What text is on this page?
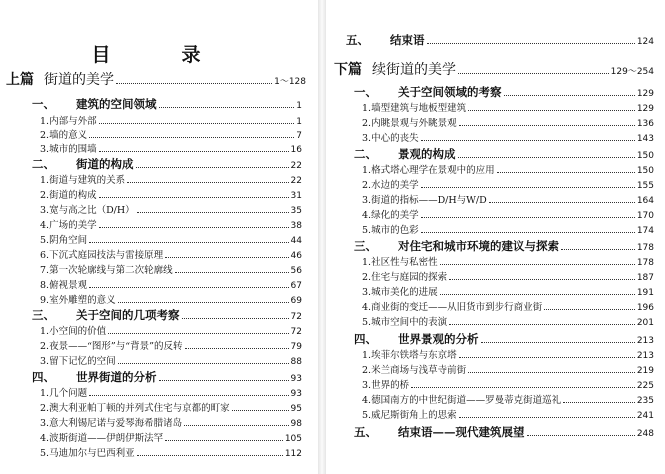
目　录
上篇 街道的美学	1～128
一、 建筑的空间领域	1
1.内部与外部	1
2.墙的意义	7
3.城市的围墙	16
二、 街道的构成	22
1.街道与建筑的关系	22
2.街道的构成	31
3.宽与高之比（D/H）	35
4.广场的美学	38
5.阴角空间	44
6.下沉式庭园技法与雷接原理	46
7.第一次轮廓线与第二次轮廓线	56
8.俯视景观	67
9.室外雕塑的意义	69
三、 关于空间的几项考察	72
1.小空间的价值	72
2.夜景——“图形”与“背景”的反转	79
3.留下记忆的空间	88
四、 世界街道的分析	93
1.几个问题	93
2.澳大利亚帕丁顿的并列式住宅与京都的町家	95
3.意大利锡尼诺与爱琴海希腊诸岛	98
4.波斯街道——伊朗伊斯法罕	105
5.马迪加尔与巴西利亚	112
五、 结束语	124
下篇 续街道的美学	129～254
一、 关于空间领域的考察	129
1.墙型建筑与地板型建筑	129
2.内眺景观与外眺景观	136
3.中心的丧失	143
二、 景观的构成	150
1.格式塔心理学在景观中的应用	150
2.水边的美学	155
3.街道的指标——D/H与W/D	164
4.绿化的美学	170
5.城市的色彩	174
三、 对住宅和城市环境的建议与探索	178
1.社区性与私密性	178
2.住宅与庭园的探索	187
3.城市美化的进展	191
4.商业街的变迁——从旧货市到步行商业街	196
5.城市空间中的表演	201
四、 世界景观的分析	213
1.埃菲尔铁塔与东京塔	213
2.米兰商场与浅草寺前街	219
3.世界的桥	225
4.德国南方的中世纪街道——罗曼蒂克街道巡礼	235
5.威尼斯街角上的思索	241
五、 结束语——现代建筑展望	248
